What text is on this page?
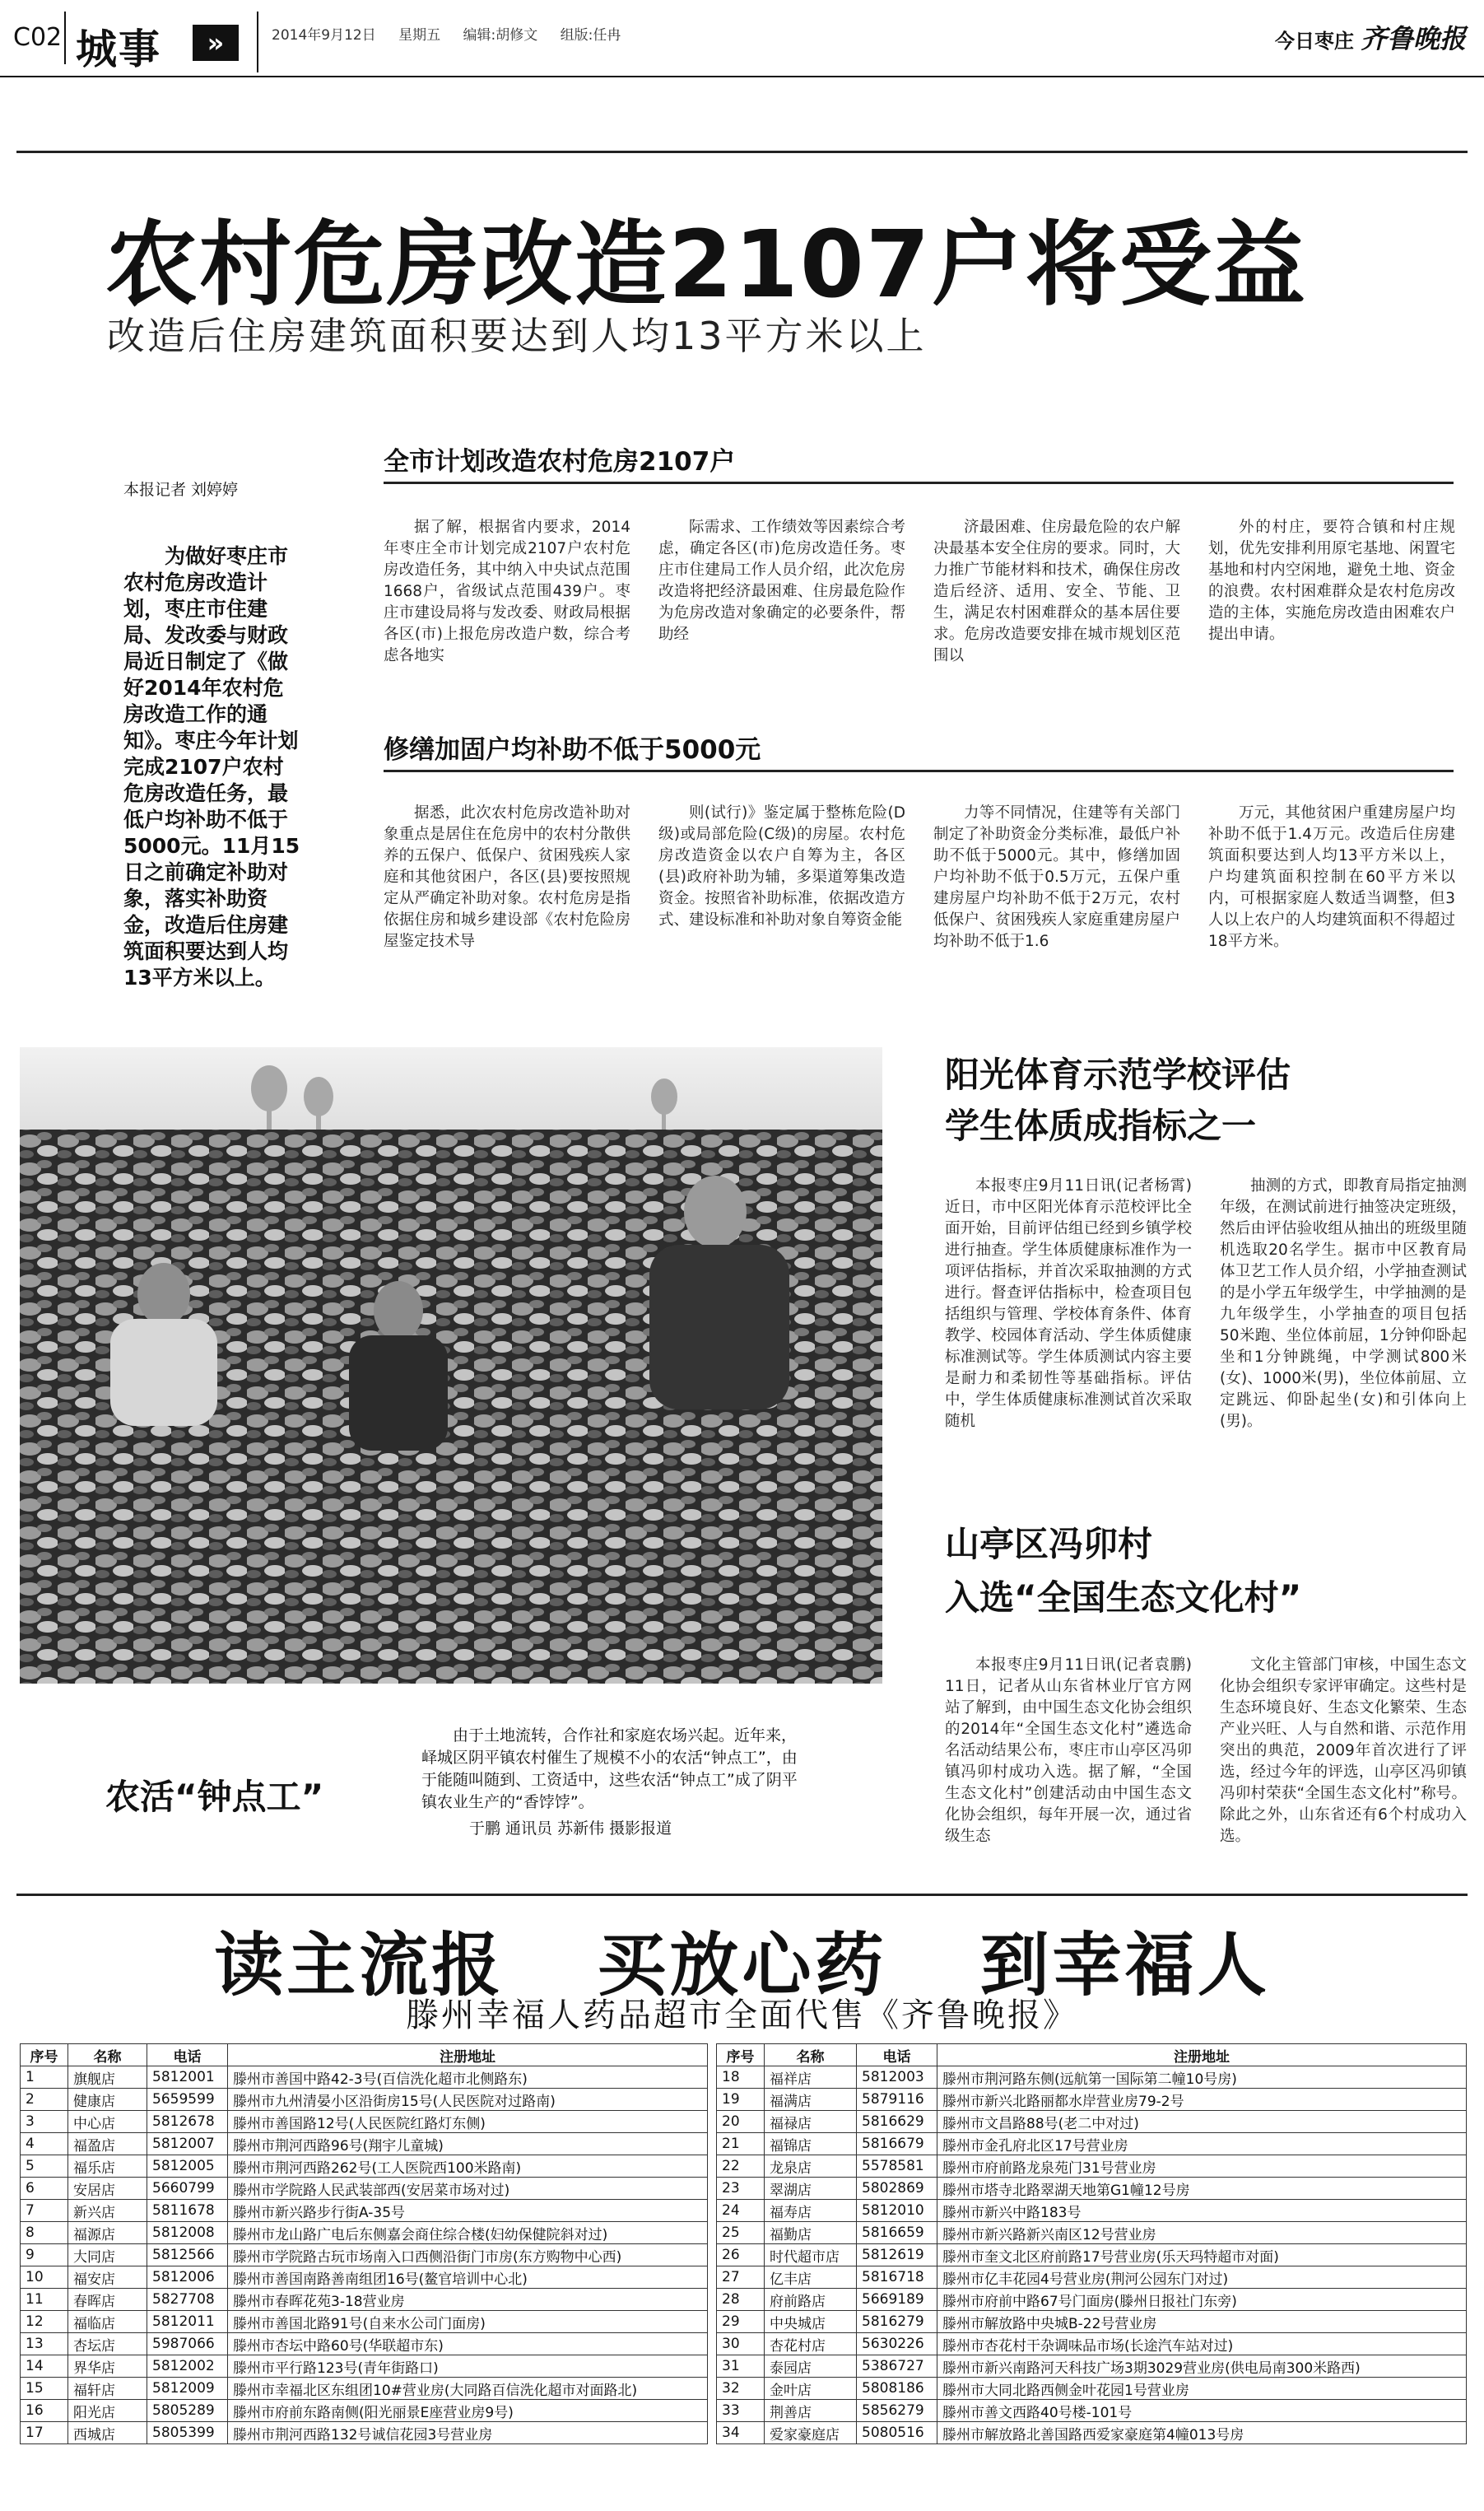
C02 城事	»	2014年9月12日 星期五 编辑:胡修文 组版:任冉	今日枣庄 齐鲁晚报
农村危房改造2107户将受益
改造后住房建筑面积要达到人均13平方米以上
本报记者 刘婷婷
为做好枣庄市农村危房改造计划，枣庄市住建局、发改委与财政局近日制定了《做好2014年农村危房改造工作的通知》。枣庄今年计划完成2107户农村危房改造任务，最低户均补助不低于5000元。11月15日之前确定补助对象，落实补助资金，改造后住房建筑面积要达到人均13平方米以上。
全市计划改造农村危房2107户
据了解，根据省内要求，2014年枣庄全市计划完成2107户农村危房改造任务，其中纳入中央试点范围1668户，省级试点范围439户。枣庄市建设局将与发改委、财政局根据各区(市)上报危房改造户数，综合考虑各地实
际需求、工作绩效等因素综合考虑，确定各区(市)危房改造任务。枣庄市住建局工作人员介绍，此次危房改造将把经济最困难、住房最危险作为危房改造对象确定的必要条件，帮助经
济最困难、住房最危险的农户解决最基本安全住房的要求。同时，大力推广节能材料和技术，确保住房改造后经济、适用、安全、节能、卫生，满足农村困难群众的基本居住要求。危房改造要安排在城市规划区范围以
外的村庄，要符合镇和村庄规划，优先安排利用原宅基地、闲置宅基地和村内空闲地，避免土地、资金的浪费。农村困难群众是农村危房改造的主体，实施危房改造由困难农户提出申请。
修缮加固户均补助不低于5000元
据悉，此次农村危房改造补助对象重点是居住在危房中的农村分散供养的五保户、低保户、贫困残疾人家庭和其他贫困户，各区(县)要按照规定从严确定补助对象。农村危房是指依据住房和城乡建设部《农村危险房屋鉴定技术导
则(试行)》鉴定属于整栋危险(D级)或局部危险(C级)的房屋。农村危房改造资金以农户自筹为主，各区(县)政府补助为辅，多渠道筹集改造资金。按照省补助标准，依据改造方式、建设标准和补助对象自筹资金能
力等不同情况，住建等有关部门制定了补助资金分类标准，最低户补助不低于5000元。其中，修缮加固户均补助不低于0.5万元，五保户重建房屋户均补助不低于2万元，农村低保户、贫困残疾人家庭重建房屋户均补助不低于1.6
万元，其他贫困户重建房屋户均补助不低于1.4万元。改造后住房建筑面积要达到人均13平方米以上，户均建筑面积控制在60平方米以内，可根据家庭人数适当调整，但3人以上农户的人均建筑面积不得超过18平方米。
农活“钟点工”
由于土地流转，合作社和家庭农场兴起。近年来，峄城区阴平镇农村催生了规模不小的农活“钟点工”，由于能随叫随到、工资适中，这些农活“钟点工”成了阴平镇农业生产的“香饽饽”。
于鹏 通讯员 苏新伟 摄影报道
阳光体育示范学校评估
学生体质成指标之一
本报枣庄9月11日讯(记者杨霄) 近日，市中区阳光体育示范校评比全面开始，目前评估组已经到乡镇学校进行抽查。学生体质健康标准作为一项评估指标，并首次采取抽测的方式进行。督查评估指标中，检查项目包括组织与管理、学校体育条件、体育教学、校园体育活动、学生体质健康标准测试等。学生体质测试内容主要是耐力和柔韧性等基础指标。评估中，学生体质健康标准测试首次采取随机
抽测的方式，即教育局指定抽测年级，在测试前进行抽签决定班级，然后由评估验收组从抽出的班级里随机选取20名学生。据市中区教育局体卫艺工作人员介绍，小学抽查测试的是小学五年级学生，中学抽测的是九年级学生，小学抽查的项目包括50米跑、坐位体前屈，1分钟仰卧起坐和1分钟跳绳，中学测试800米(女)、1000米(男)，坐位体前屈、立定跳远、仰卧起坐(女)和引体向上(男)。
山亭区冯卯村
入选“全国生态文化村”
本报枣庄9月11日讯(记者袁鹏) 11日，记者从山东省林业厅官方网站了解到，由中国生态文化协会组织的2014年“全国生态文化村”遴选命名活动结果公布，枣庄市山亭区冯卯镇冯卯村成功入选。据了解，“全国生态文化村”创建活动由中国生态文化协会组织，每年开展一次，通过省级生态
文化主管部门审核，中国生态文化协会组织专家评审确定。这些村是生态环境良好、生态文化繁荣、生态产业兴旺、人与自然和谐、示范作用突出的典范，2009年首次进行了评选，经过今年的评选，山亭区冯卯镇冯卯村荣获“全国生态文化村”称号。除此之外，山东省还有6个村成功入选。
读主流报 买放心药 到幸福人
滕州幸福人药品超市全面代售《齐鲁晚报》
序号	名称	电话	注册地址
1	旗舰店	5812001	滕州市善国中路42-3号(百信洗化超市北侧路东)
2	健康店	5659599	滕州市九州清晏小区沿街房15号(人民医院对过路南)
3	中心店	5812678	滕州市善国路12号(人民医院红路灯东侧)
4	福盈店	5812007	滕州市荆河西路96号(翔宇儿童城)
5	福乐店	5812005	滕州市荆河西路262号(工人医院西100米路南)
6	安居店	5660799	滕州市学院路人民武装部西(安居菜市场对过)
7	新兴店	5811678	滕州市新兴路步行街A-35号
8	福源店	5812008	滕州市龙山路广电后东侧嘉会商住综合楼(妇幼保健院斜对过)
9	大同店	5812566	滕州市学院路古玩市场南入口西侧沿街门市房(东方购物中心西)
10	福安店	5812006	滕州市善国南路善南组团16号(鳌官培训中心北)
11	春晖店	5827708	滕州市春晖花苑3-18营业房
12	福临店	5812011	滕州市善国北路91号(自来水公司门面房)
13	杏坛店	5987066	滕州市杏坛中路60号(华联超市东)
14	界华店	5812002	滕州市平行路123号(青年街路口)
15	福轩店	5812009	滕州市幸福北区东组团10#营业房(大同路百信洗化超市对面路北)
16	阳光店	5805289	滕州市府前东路南侧(阳光丽景E座营业房9号)
17	西城店	5805399	滕州市荆河西路132号诚信花园3号营业房
序号	名称	电话	注册地址
18	福祥店	5812003	滕州市荆河路东侧(远航第一国际第二幢10号房)
19	福满店	5879116	滕州市新兴北路丽都水岸营业房79-2号
20	福禄店	5816629	滕州市文昌路88号(老二中对过)
21	福锦店	5816679	滕州市金孔府北区17号营业房
22	龙泉店	5578581	滕州市府前路龙泉苑门31号营业房
23	翠湖店	5802869	滕州市塔寺北路翠湖天地第G1幢12号房
24	福寿店	5812010	滕州市新兴中路183号
25	福勤店	5816659	滕州市新兴路新兴南区12号营业房
26	时代超市店	5812619	滕州市奎文北区府前路17号营业房(乐天玛特超市对面)
27	亿丰店	5816718	滕州市亿丰花园4号营业房(荆河公园东门对过)
28	府前路店	5669189	滕州市府前中路67号门面房(滕州日报社门东旁)
29	中央城店	5816279	滕州市解放路中央城B-22号营业房
30	杏花村店	5630226	滕州市杏花村干杂调味品市场(长途汽车站对过)
31	泰园店	5386727	滕州市新兴南路河天科技广场3期3029营业房(供电局南300米路西)
32	金叶店	5808186	滕州市大同北路西侧金叶花园1号营业房
33	荆善店	5856279	滕州市善文西路40号楼-101号
34	爱家豪庭店	5080516	滕州市解放路北善国路西爱家豪庭第4幢013号房
